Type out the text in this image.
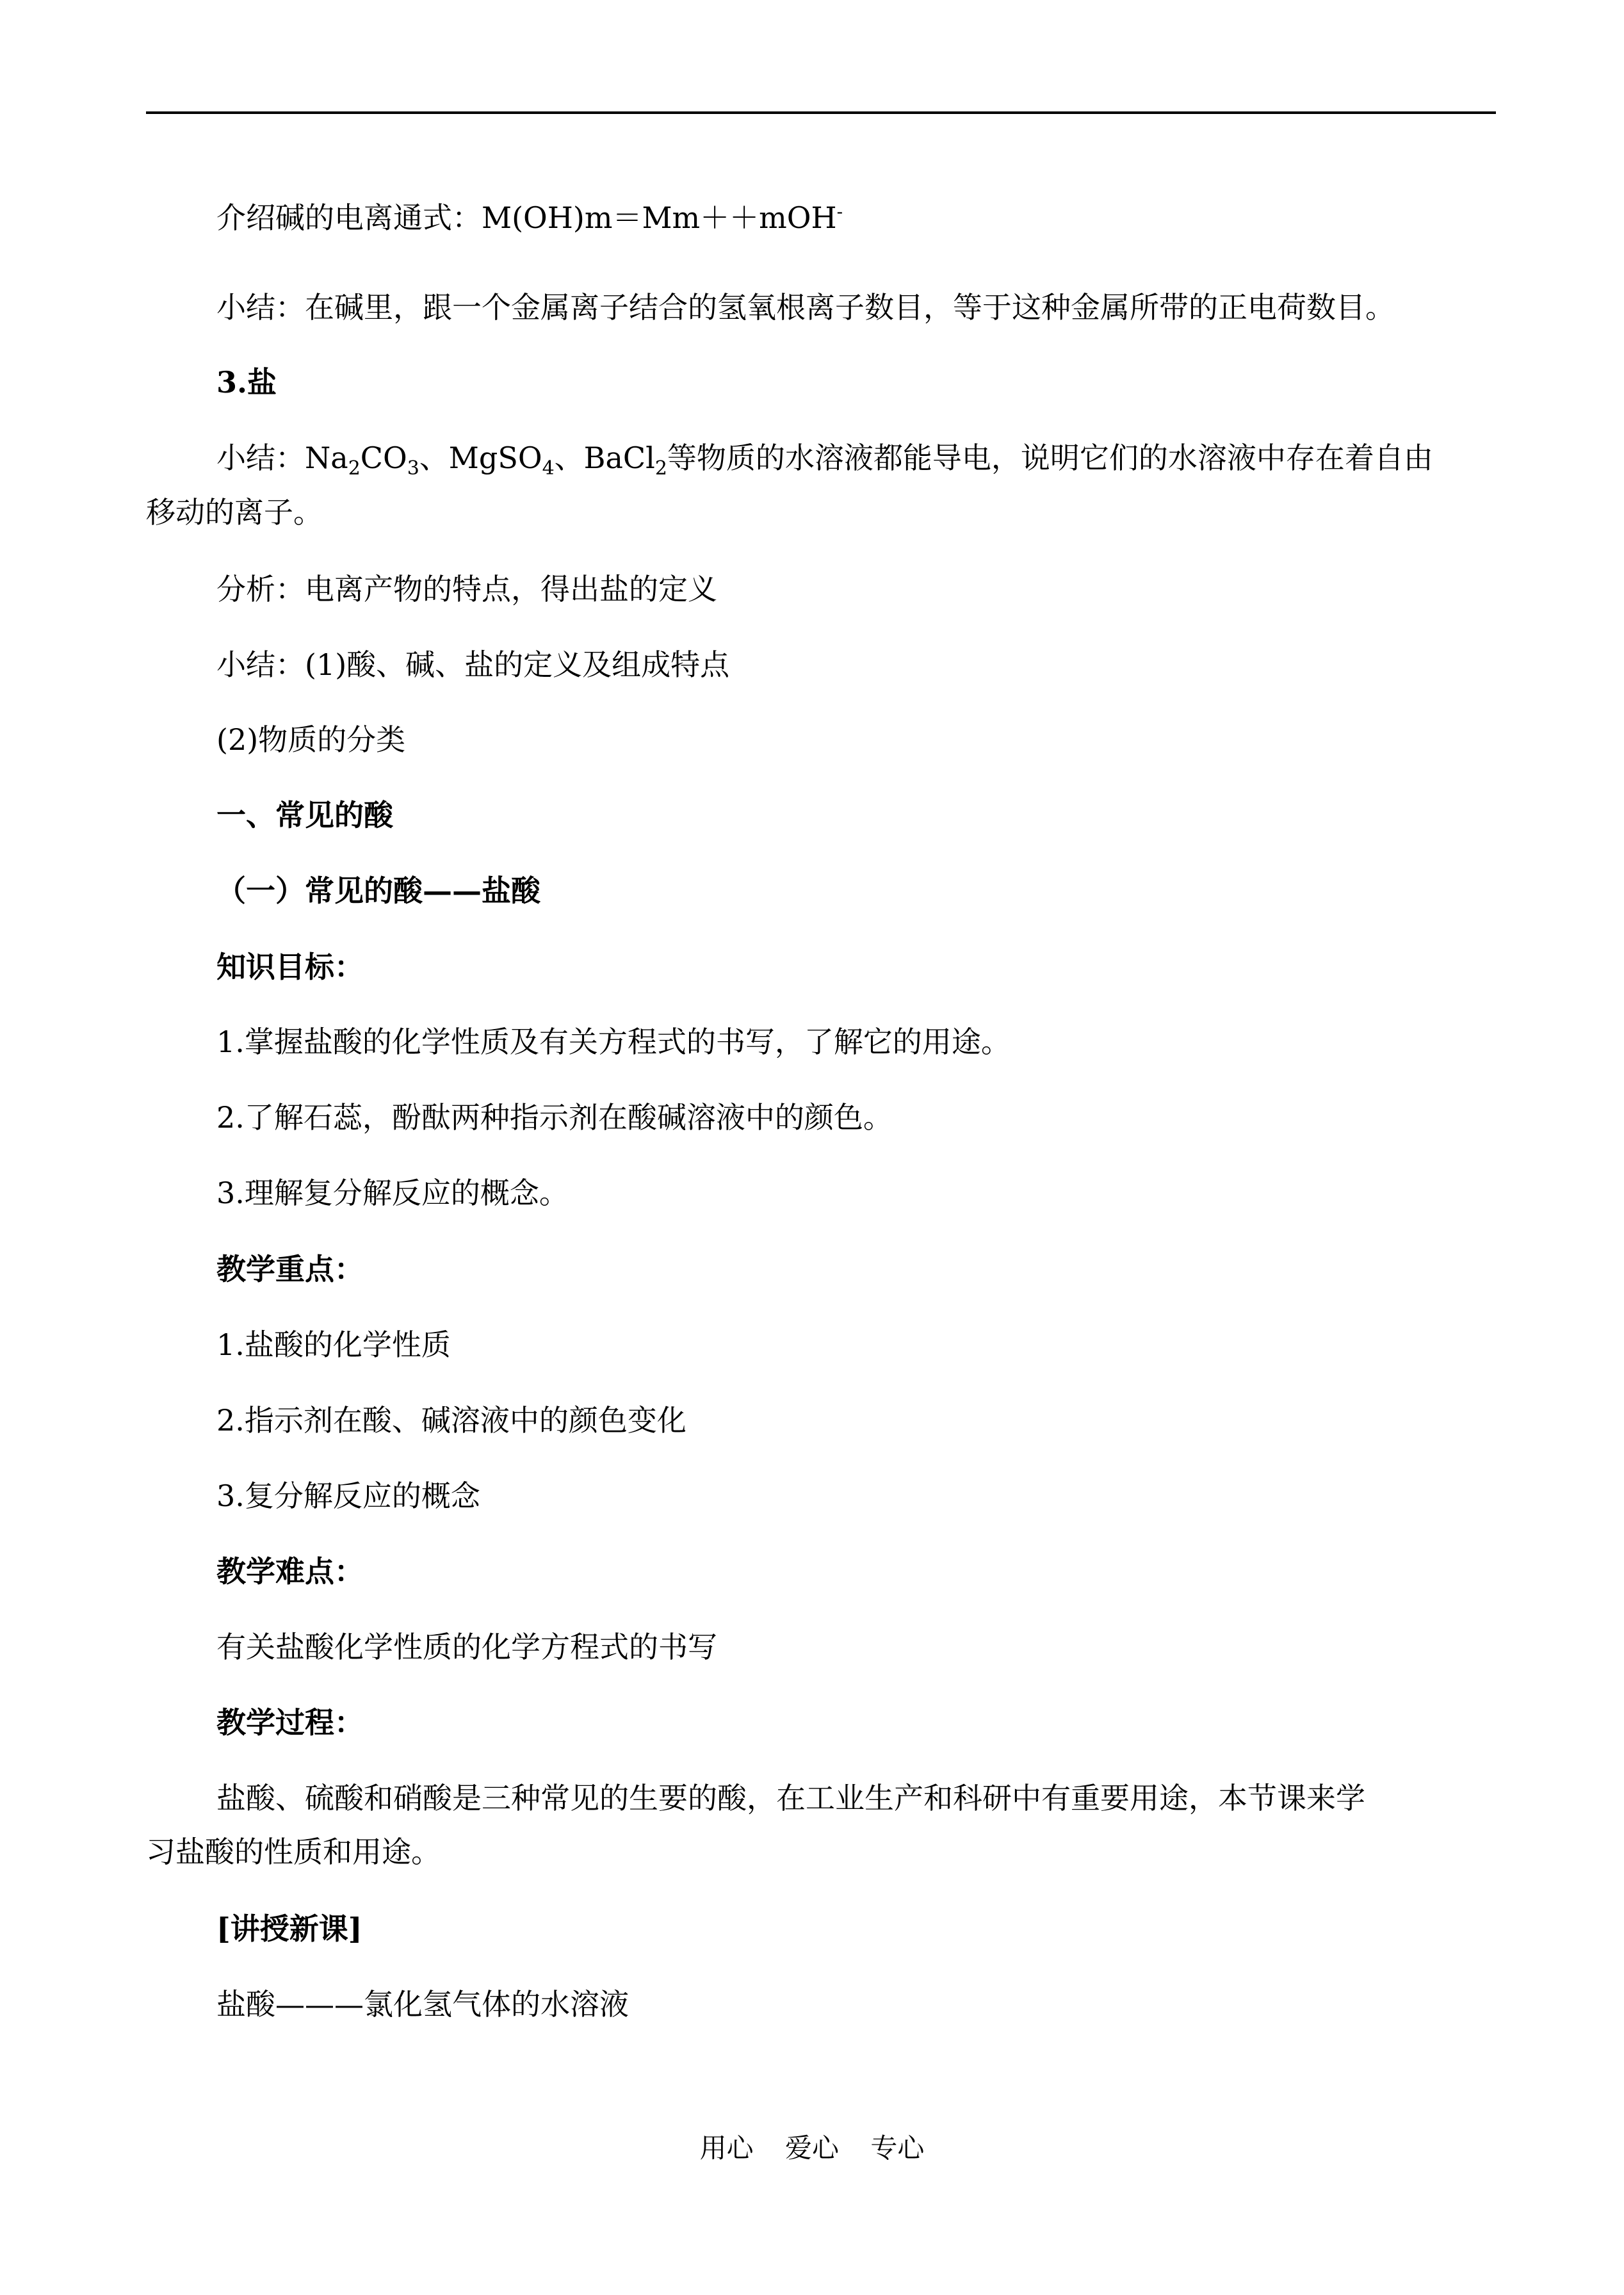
介绍碱的电离通式：M(OH)m＝Mm＋＋mOH-
小结：在碱里，跟一个金属离子结合的氢氧根离子数目，等于这种金属所带的正电荷数目。
3.盐
小结：$Na_2CO_3$、MgSO$_4$、BaCl$_2$等物质的水溶液都能导电，说明它们的水溶液中存在着自由
移动的离子。
分析：电离产物的特点，得出盐的定义
小结：(1)酸、碱、盐的定义及组成特点
(2)物质的分类
一、常见的酸
（一）常见的酸——盐酸
知识目标：
1.掌握盐酸的化学性质及有关方程式的书写，了解它的用途。
2.了解石蕊，酚酞两种指示剂在酸碱溶液中的颜色。
3.理解复分解反应的概念。
教学重点：
1.盐酸的化学性质
2.指示剂在酸、碱溶液中的颜色变化
3.复分解反应的概念
教学难点：
有关盐酸化学性质的化学方程式的书写
教学过程：
盐酸、硫酸和硝酸是三种常见的生要的酸，在工业生产和科研中有重要用途，本节课来学
习盐酸的性质和用途。
[讲授新课]
盐酸———氯化氢气体的水溶液
用心 爱心 专心
